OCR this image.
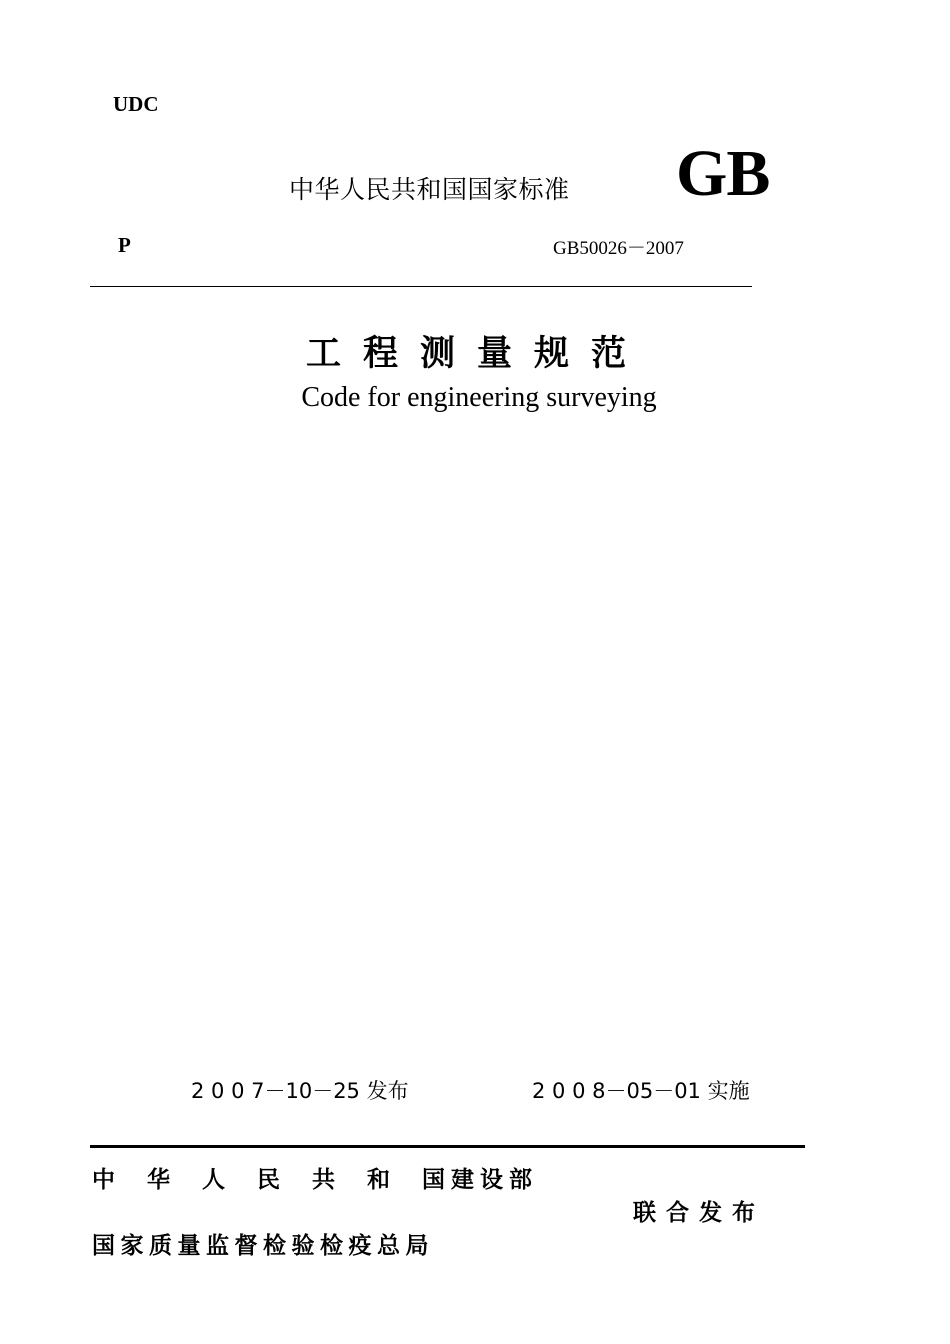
UDC
中华人民共和国国家标准 GB
P	GB50026－2007
工程测量规范
Code for engineering surveying
2 0 0 7－10－25 发布	2 0 0 8－05－01 实施
中 华 人 民 共 和 国建设部
联合发布
国家质量监督检验检疫总局
